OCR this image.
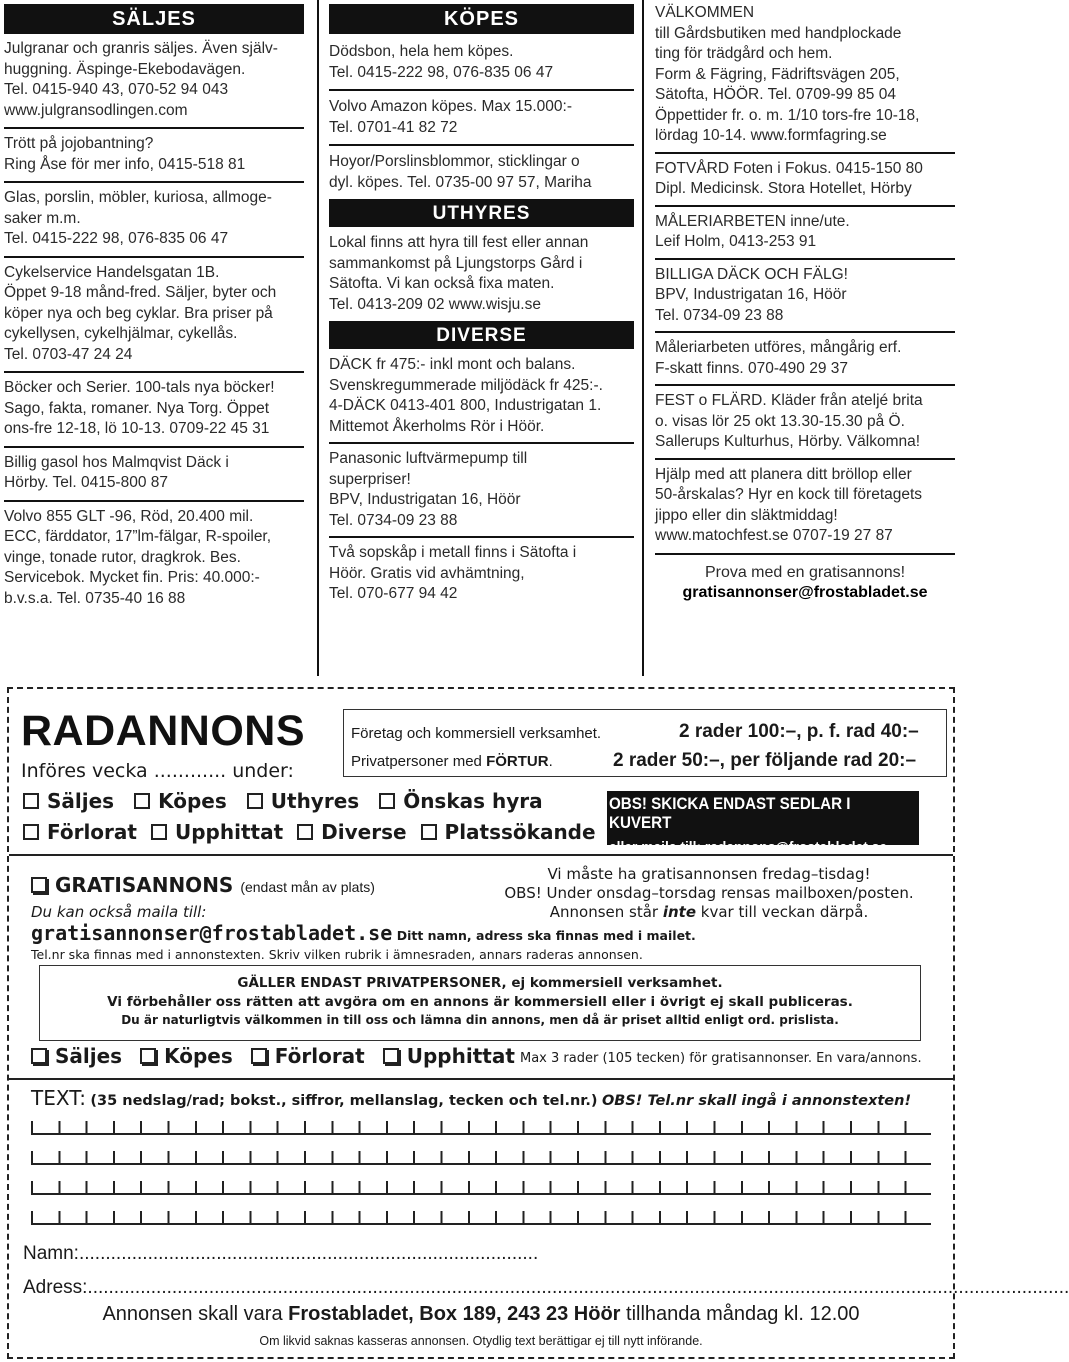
SÄLJES

Julgranar och granris säljes. Även själv-

huggning. Äspinge-Ekebodavägen.

Tel. 0415-940 43, 070-52 94 043

www.julgransodlingen.com

Trött på jojobantning?

Ring Åse för mer info, 0415-518 81

Glas, porslin, möbler, kuriosa, allmoge-

saker m.m.

Tel. 0415-222 98, 076-835 06 47

Cykelservice Handelsgatan 1B.

Öppet 9-18 månd-fred. Säljer, byter och

köper nya och beg cyklar. Bra priser på

cykellysen, cykelhjälmar, cykellås.

Tel. 0703-47 24 24

Böcker och Serier. 100-tals nya böcker!

Sago, fakta, romaner. Nya Torg. Öppet

ons-fre 12-18, lö 10-13. 0709-22 45 31

Billig gasol hos Malmqvist Däck i

Hörby. Tel. 0415-800 87

Volvo 855 GLT -96, Röd, 20.400 mil.

ECC, färddator, 17”lm-fälgar, R-spoiler,

vinge, tonade rutor, dragkrok. Bes.

Servicebok. Mycket fin. Pris: 40.000:-

b.v.s.a. Tel. 0735-40 16 88

KÖPES

Dödsbon, hela hem köpes.

Tel. 0415-222 98, 076-835 06 47

Volvo Amazon köpes. Max 15.000:-

Tel. 0701-41 82 72

Hoyor/Porslinsblommor, sticklingar o

dyl. köpes. Tel. 0735-00 97 57, Mariha

UTHYRES

Lokal finns att hyra till fest eller annan

sammankomst på Ljungstorps Gård i

Sätofta. Vi kan också fixa maten.

Tel. 0413-209 02 www.wisju.se

DIVERSE

DÄCK fr 475:- inkl mont och balans.

Svenskregummerade miljödäck fr 425:-.

4-DÄCK 0413-401 800, Industrigatan 1.

Mittemot Åkerholms Rör i Höör.

Panasonic luftvärmepump till

superpriser!

BPV, Industrigatan 16, Höör

Tel. 0734-09 23 88

Två sopskåp i metall finns i Sätofta i

Höör. Gratis vid avhämtning,

Tel. 070-677 94 42

VÄLKOMMEN

till Gårdsbutiken med handplockade

ting för trädgård och hem.

Form & Fägring, Fädriftsvägen 205,

Sätofta, HÖÖR. Tel. 0709-99 85 04

Öppettider fr. o. m. 1/10 tors-fre 10-18,

lördag 10-14. www.formfagring.se

FOTVÅRD Foten i Fokus. 0415-150 80

Dipl. Medicinsk. Stora Hotellet, Hörby

MÅLERIARBETEN inne/ute.

Leif Holm, 0413-253 91

BILLIGA DÄCK OCH FÄLG!

BPV, Industrigatan 16, Höör

Tel. 0734-09 23 88

Måleriarbeten utföres, mångårig erf.

F-skatt finns. 070-490 29 37

FEST o FLÄRD. Kläder från ateljé brita

o. visas lör 25 okt 13.30-15.30 på Ö.

Sallerups Kulturhus, Hörby. Välkomna!

Hjälp med att planera ditt bröllop eller

50-årskalas? Hyr en kock till företagets

jippo eller din släktmiddag!

www.matochfest.se 0707-19 27 87

Prova med en gratisannons!

gratisannonser@frostabladet.se

RADANNONS
Införes vecka ............ under:
Säljes Köpes Uthyres Önskas hyra
Förlorat Upphittat Diverse Platssökande
Företag och kommersiell verksamhet.	2 rader 100:–, p. f. rad 40:–
Privatpersoner med FÖRTUR.	2 rader 50:–, per följande rad 20:–
OBS! SKICKA ENDAST SEDLAR I KUVERT
eller maila till: radannons@frostabladet.se
GRATISANNONS (endast mån av plats)
Du kan också maila till:
Vi måste ha gratisannonsen fredag–tisdag!
OBS! Under onsdag–torsdag rensas mailboxen/posten.
Annonsen står inte kvar till veckan därpå.
gratisannonser@frostabladet.se Ditt namn, adress ska finnas med i mailet.
Tel.nr ska finnas med i annonstexten. Skriv vilken rubrik i ämnesraden, annars raderas annonsen.
GÄLLER ENDAST PRIVATPERSONER, ej kommersiell verksamhet.
Vi förbehåller oss rätten att avgöra om en annons är kommersiell eller i övrigt ej skall publiceras.
Du är naturligtvis välkommen in till oss och lämna din annons, men då är priset alltid enligt ord. prislista.
Säljes Köpes Förlorat Upphittat Max 3 rader (105 tecken) för gratisannonser. En vara/annons.
TEXT: (35 nedslag/rad; bokst., siffror, mellanslag, tecken och tel.nr.) OBS! Tel.nr skall ingå i annonstexten!
Namn:.......................................................................................
Adress:..........................................................................................................................................................................................
Annonsen skall vara Frostabladet, Box 189, 243 23 Höör tillhanda måndag kl. 12.00
Om likvid saknas kasseras annonsen. Otydlig text berättigar ej till nytt införande.
